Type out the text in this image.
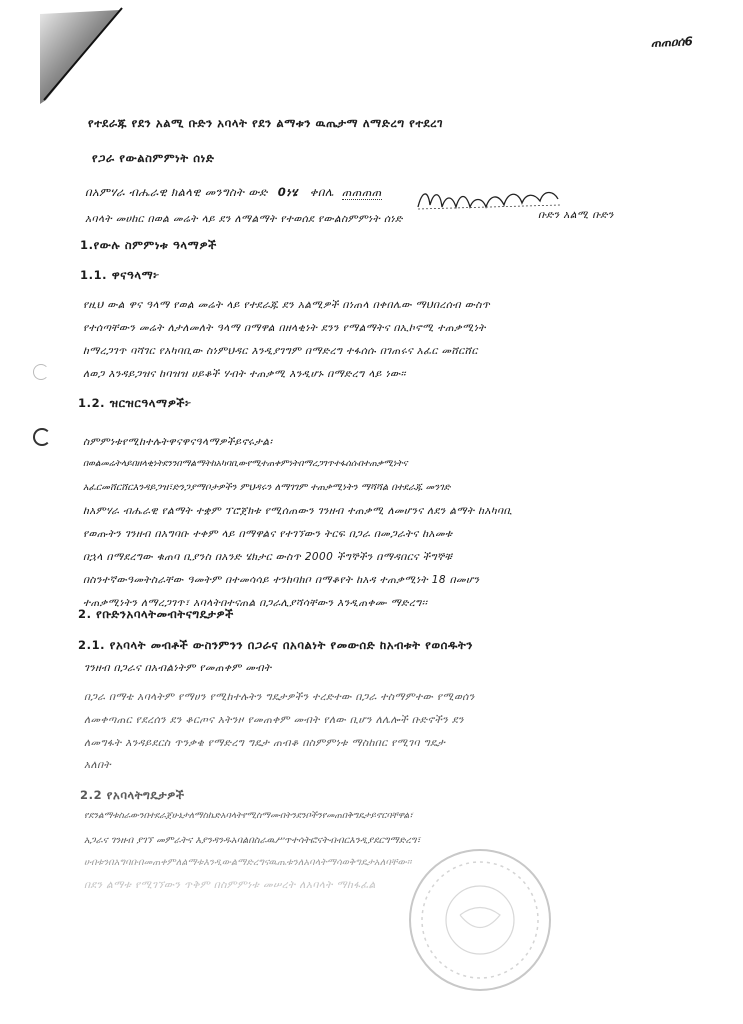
ጠጠዐሰ6
የተደራጁ የደን አልሚ ቡድን አባላት የደን ልማቱን ዉጤታማ ለማድረግ የተደረገ
የጋራ የውልስምምነት ሰነድ
በአምሃራ ብሔራዊ ክልላዊ መንግስት ውድ 0ነሄ ቀበሌ ጠጠጠጠ
አባላት መሀከር በወል መሬት ላይ ደን ለማልማት የተወሰደ የውልስምምነት ሰነድ	ቡድን አልሚ ቡድን
1.የውሉ ስምምነቱ ዓላማዎች
1.1. ዋናዓላማ፦
የዚህ ውል ዋና ዓላማ የወል መሬት ላይ የተደራጁ ደን አልሚዎች በነጠላ በቀበሌው ማህበረሰብ ውስጥ
የተሰጣቸውን መሬት ለታለመለት ዓላማ በማዋል በዘላቂነት ደንን የማልማትና በኢኮኖሚ ተጠቃሚነት
ከማረጋገጥ ባሻገር የአካባቢው ስነምህዳር እንዲያገግም በማድረግ ተፋሰሱ በገጠሩና አፈር መሸርሸር
ለወጋ እንዳይጋዝና ከባዝዝ ሀይቆች ሃብት ተጠቃሚ እንዲሆኑ በማድረግ ላይ ነው።
1.2. ዝርዝርዓላማዎች፦
ስምምነቱየሚከተሉትዋናዋናዓላማዎችይኖሩታል፡
በወልመሬትላይበዘላቂነትደንንበማልማትከአካባቢውየሚተጠቀምነትበማረጋገጥተፋሰሱበተጠቃሚነትና
አፈርመሸርሸርእንዳይጋዝ፣ድንጋያማቦታዎችን ምህዳሩን ለማገገም ተጠቃሚነትን ማሻሻል በተደራጁ መንገድ
ከአምሃራ ብሔራዊ የልማት ተቋም ፕሮጀክቱ የሚሰጠውን ገንዘብ ተጠቃሚ ለመሆንና ለደን ልማት ከአካባቢ
የወጡትን ገንዘብ በአግባቡ ተቀም ላይ በማዋልና የተገኘውን ትርፍ በጋራ በመጋራትና ከአመቱ
በኋላ በማደረግው ቁጠባ ቢያንስ በአንድ ሄክታር ውስጥ 2000 ችግኞችን በማዳበርና ችግኞቹ
በስንተኛውዓመትስራቸው ዓመትም በተመሳሳይ ተንከባክቦ በማቆየት ከአዳ ተጠቃሚነት 18 በመሆን
ተጠቃሚነትን ለማረጋገጥ፣ አባላትበተናጠል በጋራሊያሻሳቸውን እንዲጠቀሙ ማድረግ፡፡
2. የቡድንአባላትመብትናግዴታዎች
2.1. የአባላት መብቶች ውስንምንን በጋራና በአባልነት የመውሰድ ከአብቱት የወሰዱትን
ገንዘብ በጋራና በአብልነትም የመጠቀም መብት
በጋራ በማቴ አባላትም የማሀን የሚከተሉትን ግዴታዎችን ተረድተው በጋራ ተስማምተው የሚወሰን
ለመቀጣጠር የደረሰን ደን ቆርጦና አትንዞ የመጠቀም መብት የለው ቢሆን ለሌሎች ቡድኖችን ደን
ለመግፋት እንዳይደርስ ጥንቃቄ የማድረግ ግዴታ ጠብቆ በስምምነቱ ማስከበር የሚገባ ግዴታ
አለበት
2.2 የአባላትግዴታዎች
የደንልማቱስራውንበተደራጀሁኔታለማስኬድአባላትየሚስማሙበትንደንቦችንየመጠበቅግዴታይኖርባቸዋል፣
አጋራና ገንዘብ ያገኘ መምራትና እያንዳንዱአባልበስራዉሥጥተሳትፎናትብብርእንዲያደርግማድረግ፣
ሀብቱንበአግባቡበመጠቀምለልማቱእንዲውልማድረግናዉጤቱንለአባላትማሳወቅግዴታአለባቸው፡፡
በደን ልማቱ የሚገኘውን ጥቅም በስምምነቱ መሠረት ለአባላት ማከፋፈል
